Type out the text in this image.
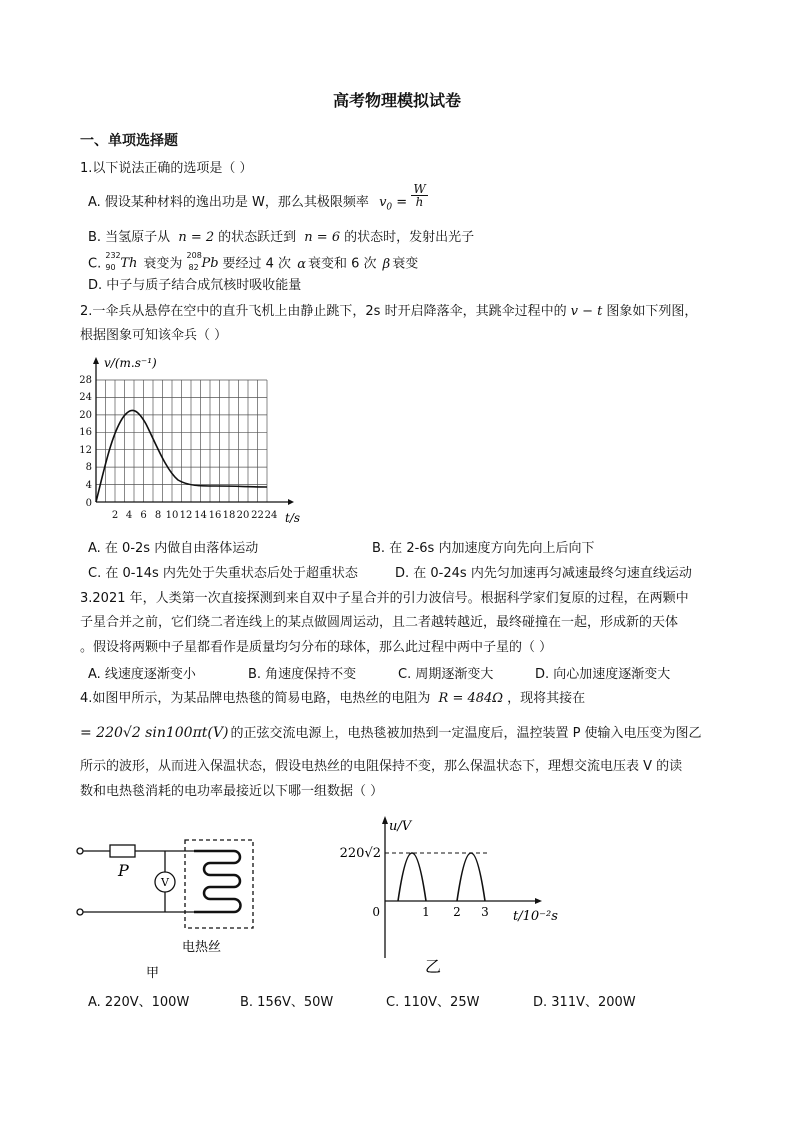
高考物理模拟试卷
一、单项选择题
1.以下说法正确的选项是（ ）
A. 假设某种材料的逸出功是 W，那么其极限频率 $v_0 = \frac{W}{h}$
B. 当氢原子从 n = 2 的状态跃迁到 n = 6 的状态时，发射出光子
C.
232
90 Th 衰变为
208
82 Pb 要经过 4 次 α 衰变和 6 次 β 衰变
D. 中子与质子结合成氘核时吸收能量
2.一伞兵从悬停在空中的直升飞机上由静止跳下，2s 时开启降落伞，其跳伞过程中的 v − t 图象如下列图，
根据图象可知该伞兵（ ）
28
24
20
16
12
8
4
0
2 4 6 8 10 12 14 16 18 20 22 24
v/(m.s⁻¹)
t/s
A. 在 0-2s 内做自由落体运动	B. 在 2-6s 内加速度方向先向上后向下
C. 在 0-14s 内先处于失重状态后处于超重状态	D. 在 0-24s 内先匀加速再匀减速最终匀速直线运动
3.2021 年，人类第一次直接探测到来自双中子星合并的引力波信号。根据科学家们复原的过程，在两颗中
子星合并之前，它们绕二者连线上的某点做圆周运动，且二者越转越近，最终碰撞在一起，形成新的天体
。假设将两颗中子星都看作是质量均匀分布的球体，那么此过程中两中子星的（ ）
A. 线速度逐渐变小	B. 角速度保持不变	C. 周期逐渐变大	D. 向心加速度逐渐变大
4.如图甲所示，为某品牌电热毯的简易电路，电热丝的电阻为 R = 484Ω ，现将其接在
= 220√2 sin100πt(V) 的正弦交流电源上，电热毯被加热到一定温度后，温控装置 P 使输入电压变为图乙
所示的波形，从而进入保温状态，假设电热丝的电阻保持不变，那么保温状态下，理想交流电压表 V 的读
数和电热毯消耗的电功率最接近以下哪一组数据（ ）
P
V
电热丝
甲
220√2
u/V
0	1 2 3 t/10⁻²s
乙
A. 220V、100W	B. 156V、50W	C. 110V、25W	D. 311V、200W
